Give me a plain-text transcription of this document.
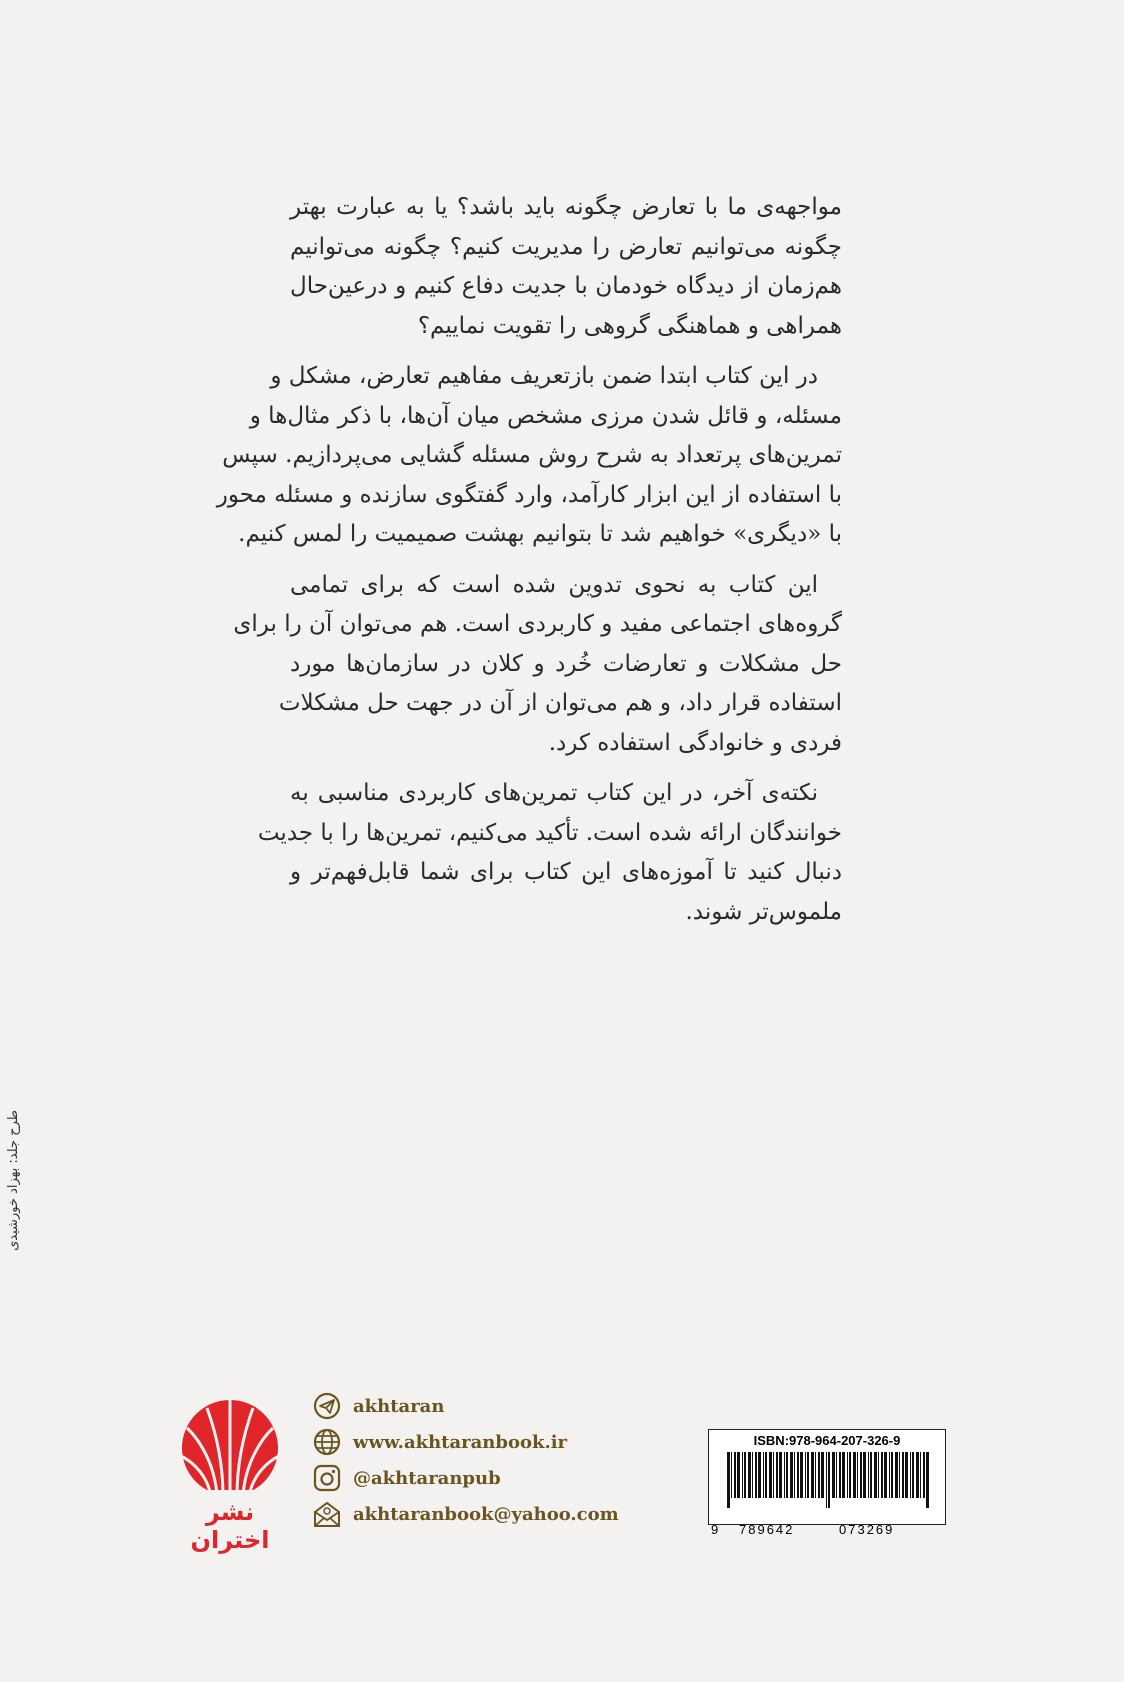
مواجهه‌ی ما با تعارض چگونه باید باشد؟ یا به عبارت بهتر
چگونه می‌توانیم تعارض را مدیریت کنیم؟ چگونه می‌توانیم
هم‌زمان از دیدگاه خودمان با جدیت دفاع کنیم و درعین‌حال
همراهی و هماهنگی گروهی را تقویت نماییم؟
در این کتاب ابتدا ضمن بازتعریف مفاهیم تعارض، مشکل و
مسئله، و قائل شدن مرزی مشخص میان آن‌ها، با ذکر مثال‌ها و
تمرین‌های پرتعداد به شرح روش مسئله گشایی می‌پردازیم. سپس
با استفاده از این ابزار کارآمد، وارد گفتگوی سازنده و مسئله محور
با «دیگری» خواهیم شد تا بتوانیم بهشت صمیمیت را لمس کنیم.
این کتاب به نحوی تدوین شده است که برای تمامی
گروه‌های اجتماعی مفید و کاربردی است. هم می‌توان آن را برای
حل مشکلات و تعارضات خُرد و کلان در سازمان‌ها مورد
استفاده قرار داد، و هم می‌توان از آن در جهت حل مشکلات
فردی و خانوادگی استفاده کرد.
نکته‌ی آخر، در این کتاب تمرین‌های کاربردی مناسبی به
خوانندگان ارائه شده است. تأکید می‌کنیم، تمرین‌ها را با جدیت
دنبال کنید تا آموزه‌های این کتاب برای شما قابل‌فهم‌تر و
ملموس‌تر شوند.
طرح جلد: بهزاد خورشیدی
نشر اختران
akhtaran
www.akhtaranbook.ir
@akhtaranpub
akhtaranbook@yahoo.com
ISBN:978-964-207-326-9
9 789642	073269
